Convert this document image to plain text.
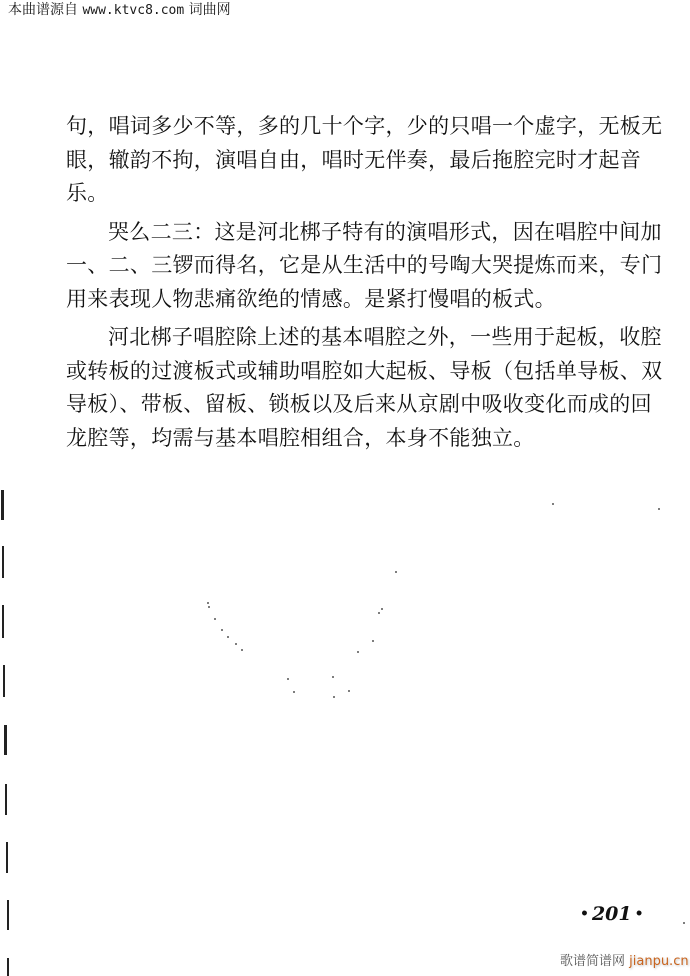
本曲谱源自 www.ktvc8.com 词曲网
句，唱词多少不等，多的几十个字，少的只唱一个虚字，无板无
眼，辙韵不拘，演唱自由，唱时无伴奏，最后拖腔完时才起音
乐。
哭么二三：这是河北梆子特有的演唱形式，因在唱腔中间加
一、二、三锣而得名，它是从生活中的号啕大哭提炼而来，专门
用来表现人物悲痛欲绝的情感。是紧打慢唱的板式。
河北梆子唱腔除上述的基本唱腔之外，一些用于起板，收腔
或转板的过渡板式或辅助唱腔如大起板、导板（包括单导板、双
导板）、带板、留板、锁板以及后来从京剧中吸收变化而成的回
龙腔等，均需与基本唱腔相组合，本身不能独立。
• 201 •
歌谱简谱网 jianpu.cn
